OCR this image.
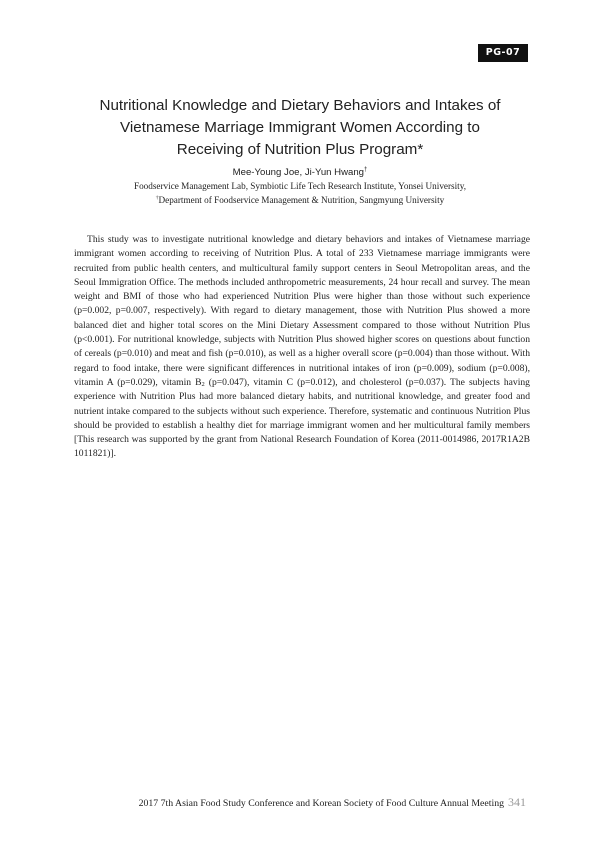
PG-07
Nutritional Knowledge and Dietary Behaviors and Intakes of
Vietnamese Marriage Immigrant Women According to
Receiving of Nutrition Plus Program*
Mee-Young Joe, Ji-Yun Hwang†
Foodservice Management Lab, Symbiotic Life Tech Research Institute, Yonsei University,
†Department of Foodservice Management & Nutrition, Sangmyung University

This study was to investigate nutritional knowledge and dietary behaviors and intakes of Vietnamese marriage immigrant women according to receiving of Nutrition Plus. A total of 233 Vietnamese marriage immigrants were recruited from public health centers, and multicultural family support centers in Seoul Metropolitan areas, and the Seoul Immigration Office. The methods included anthropometric measurements, 24 hour recall and survey. The mean weight and BMI of those who had experienced Nutrition Plus were higher than those without such experience (p=0.002, p=0.007, respectively). With regard to dietary management, those with Nutrition Plus showed a more balanced diet and higher total scores on the Mini Dietary Assessment compared to those without Nutrition Plus (p<0.001). For nutritional knowledge, subjects with Nutrition Plus showed higher scores on questions about function of cereals (p=0.010) and meat and fish (p=0.010), as well as a higher overall score (p=0.004) than those without. With regard to food intake, there were significant differences in nutritional intakes of iron (p=0.009), sodium (p=0.008), vitamin A (p=0.029), vitamin $B_2$ (p=0.047), vitamin C (p=0.012), and cholesterol (p=0.037). The subjects having experience with Nutrition Plus had more balanced dietary habits, and nutritional knowledge, and greater food and nutrient intake compared to the subjects without such experience. Therefore, systematic and continuous Nutrition Plus should be provided to establish a healthy diet for marriage immigrant women and her multicultural family members [This research was supported by the grant from National Research Foundation of Korea (2011-0014986, 2017R1A2B 1011821)].

2017 7th Asian Food Study Conference and Korean Society of Food Culture Annual Meeting 341
